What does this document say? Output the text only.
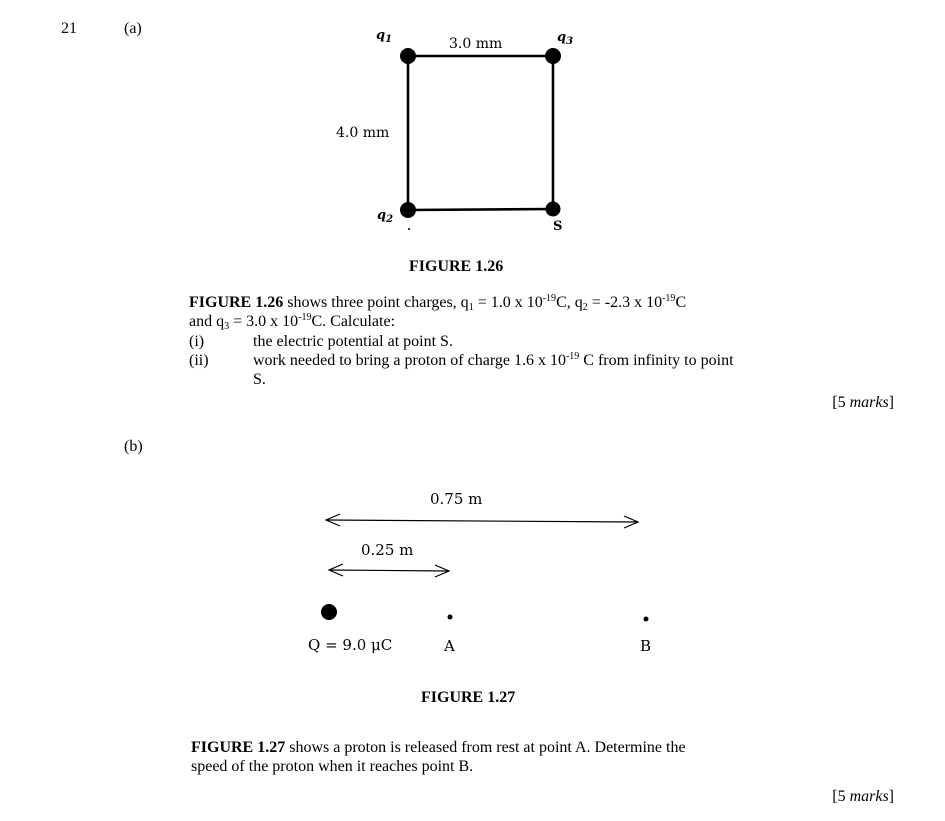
21	(a)	$q_1$	$q_3$
$q_2$	S
3.0 mm
4.0 mm
FIGURE 1.26
FIGURE 1.26 shows three point charges, $q_1 = 1.0$ x $10^{-19}C$, $q_2 = -2.3$ x $10^{-19}C$
and $q_3 = 3.0$ x $10^{-19}C$. Calculate:
(i)	the electric potential at point S.
(ii)	work needed to bring a proton of charge 1.6 x $10^{-19}$ C from infinity to point
S.
[5 marks]
(b)
0.75 m
0.25 m
Q = 9.0 μC	A	B
FIGURE 1.27
FIGURE 1.27 shows a proton is released from rest at point A. Determine the
speed of the proton when it reaches point B.
[5 marks]
